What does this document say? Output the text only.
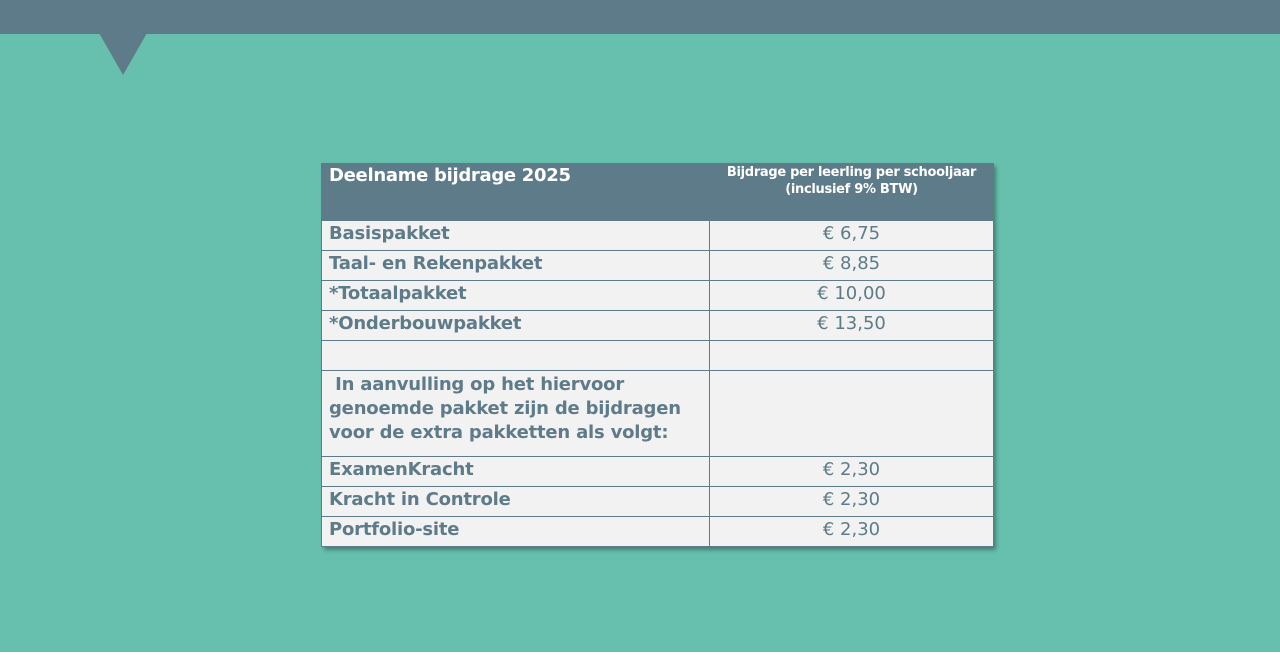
Deelname bijdrage 2025	Bijdrage per leerling per schooljaar
(inclusief 9% BTW)
Basispakket	€ 6,75
Taal- en Rekenpakket	€ 8,85
*Totaalpakket	€ 10,00
*Onderbouwpakket	€ 13,50

In aanvulling op het hiervoor
genoemde pakket zijn de bijdragen
voor de extra pakketten als volgt:	
ExamenKracht	€ 2,30
Kracht in Controle	€ 2,30
Portfolio-site	€ 2,30
